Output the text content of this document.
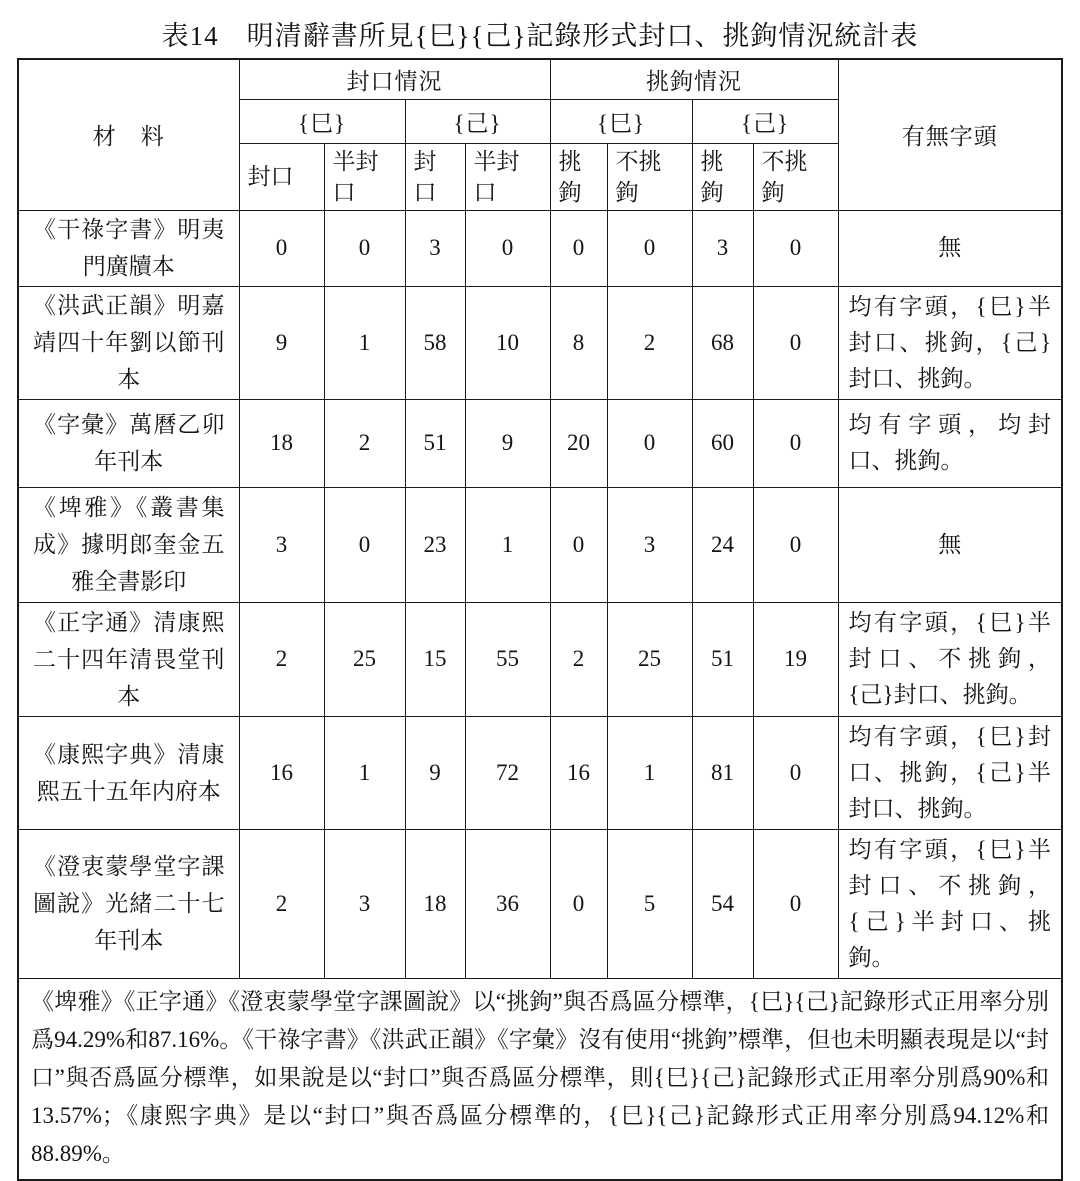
表14　明清辭書所見{巳}{己}記錄形式封口、挑鉤情況統計表
材　料	封口情況				挑鉤情況				有無字頭
	{巳}		{己}		{巳}		{己}		
	封口	半封口	封口	半封口	挑鉤	不挑鉤	挑鉤	不挑鉤	
《干祿字書》明夷門廣牘本	0	0	3	0	0	0	3	0	無
《洪武正韻》明嘉靖四十年劉以節刊本	9	1	58	10	8	2	68	0	均有字頭，{巳}半封口、挑鉤，{己}封口、挑鉤。
《字彙》萬曆乙卯年刊本	18	2	51	9	20	0	60	0	均有字頭，均封口、挑鉤。
《埤雅》《叢書集成》據明郎奎金五雅全書影印	3	0	23	1	0	3	24	0	無
《正字通》清康熙二十四年清畏堂刊本	2	25	15	55	2	25	51	19	均有字頭，{巳}半封口、不挑鉤，{己}封口、挑鉤。
《康熙字典》清康熙五十五年内府本	16	1	9	72	16	1	81	0	均有字頭，{巳}封口、挑鉤，{己}半封口、挑鉤。
《澄衷蒙學堂字課圖說》光緒二十七年刊本	2	3	18	36	0	5	54	0	均有字頭，{巳}半封口、不挑鉤，{己}半封口、挑鉤。
《埤雅》《正字通》《澄衷蒙學堂字課圖說》以“挑鉤”與否爲區分標準，{巳}{己}記錄形式正用率分別爲94.29%和87.16%。《干祿字書》《洪武正韻》《字彙》沒有使用“挑鉤”標準，但也未明顯表現是以“封口”與否爲區分標準，如果說是以“封口”與否爲區分標準，則{巳}{己}記錄形式正用率分別爲90%和13.57%；《康熙字典》是以“封口”與否爲區分標準的，{巳}{己}記錄形式正用率分別爲94.12%和88.89%。									
